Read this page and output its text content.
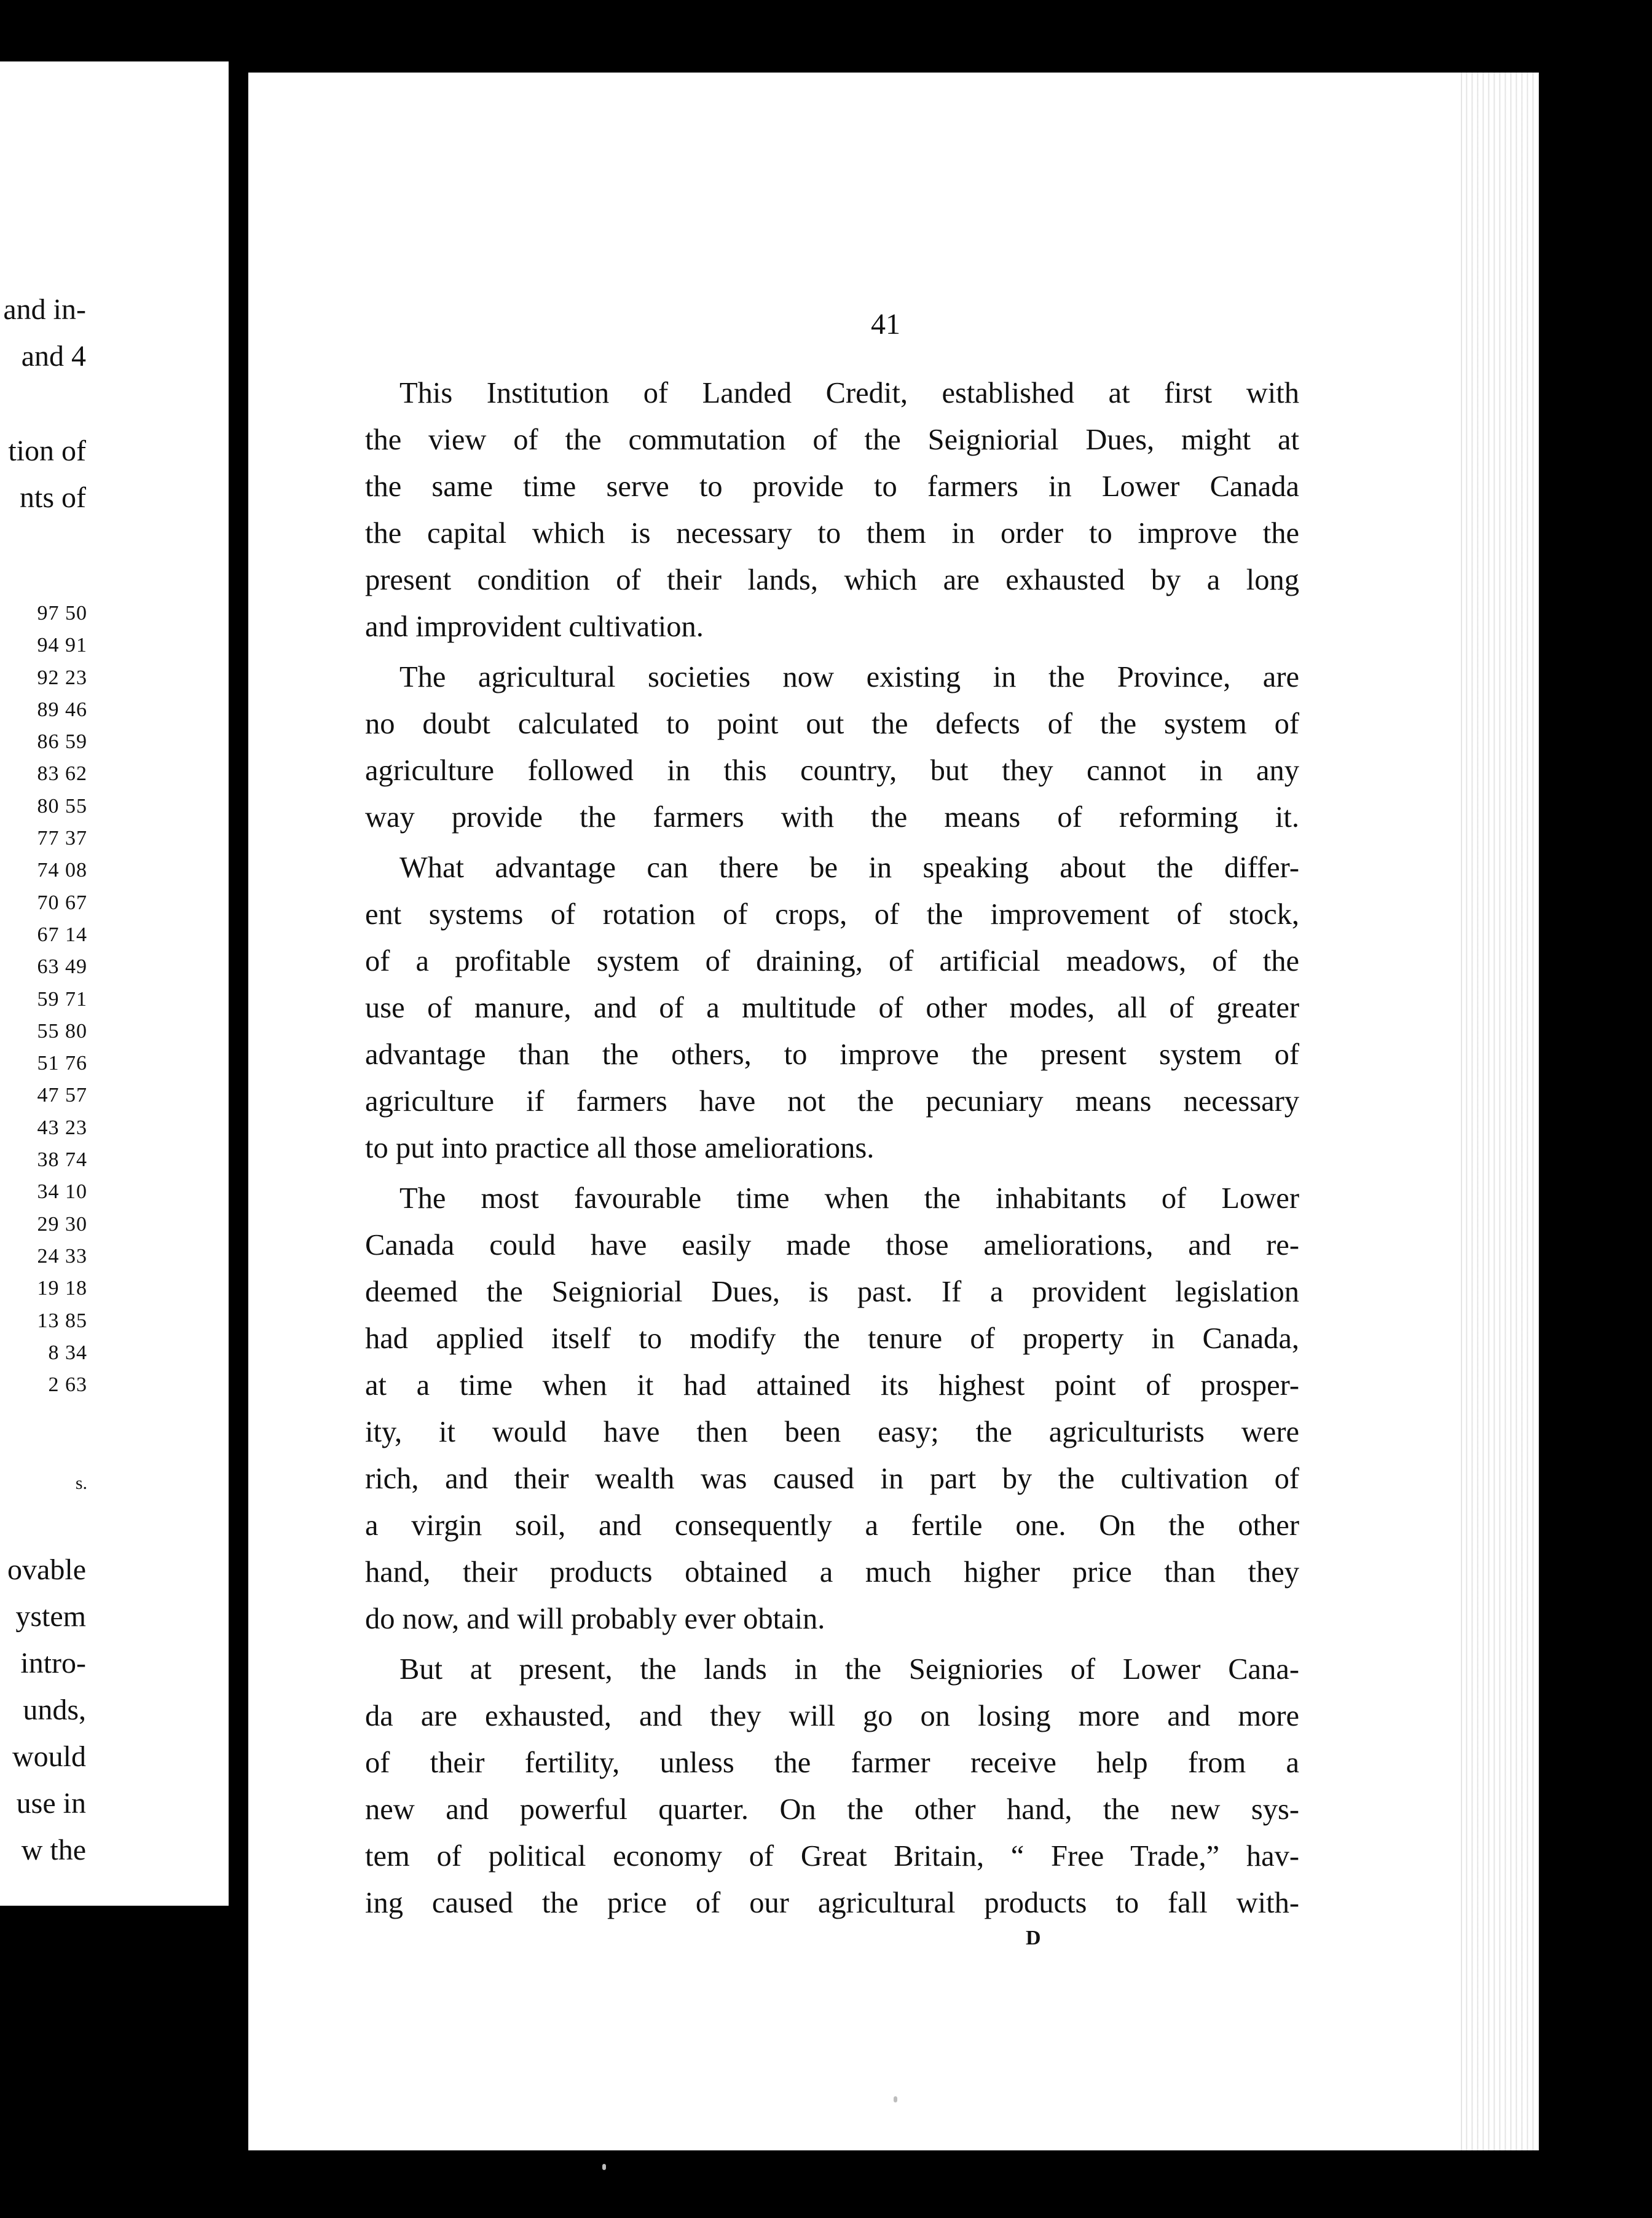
and in-
and 4
tion of
nts of
97 50
94 91
92 23
89 46
86 59
83 62
80 55
77 37
74 08
70 67
67 14
63 49
59 71
55 80
51 76
47 57
43 23
38 74
34 10
29 30
24 33
19 18
13 85
8 34
2 63
s.
ovable
ystem
intro-
unds,
would
use in
w the
41
This Institution of Landed Credit, established at first with
the view of the commutation of the Seigniorial Dues, might at
the same time serve to provide to farmers in Lower Canada
the capital which is necessary to them in order to improve the
present condition of their lands, which are exhausted by a long
and improvident cultivation.
The agricultural societies now existing in the Province, are
no doubt calculated to point out the defects of the system of
agriculture followed in this country, but they cannot in any
way provide the farmers with the means of reforming it.
What advantage can there be in speaking about the differ-
ent systems of rotation of crops, of the improvement of stock,
of a profitable system of draining, of artificial meadows, of the
use of manure, and of a multitude of other modes, all of greater
advantage than the others, to improve the present system of
agriculture if farmers have not the pecuniary means necessary
to put into practice all those ameliorations.
The most favourable time when the inhabitants of Lower
Canada could have easily made those ameliorations, and re-
deemed the Seigniorial Dues, is past. If a provident legislation
had applied itself to modify the tenure of property in Canada,
at a time when it had attained its highest point of prosper-
ity, it would have then been easy; the agriculturists were
rich, and their wealth was caused in part by the cultivation of
a virgin soil, and consequently a fertile one. On the other
hand, their products obtained a much higher price than they
do now, and will probably ever obtain.
But at present, the lands in the Seigniories of Lower Cana-
da are exhausted, and they will go on losing more and more
of their fertility, unless the farmer receive help from a
new and powerful quarter. On the other hand, the new sys-
tem of political economy of Great Britain, “ Free Trade,” hav-
ing caused the price of our agricultural products to fall with-
D
